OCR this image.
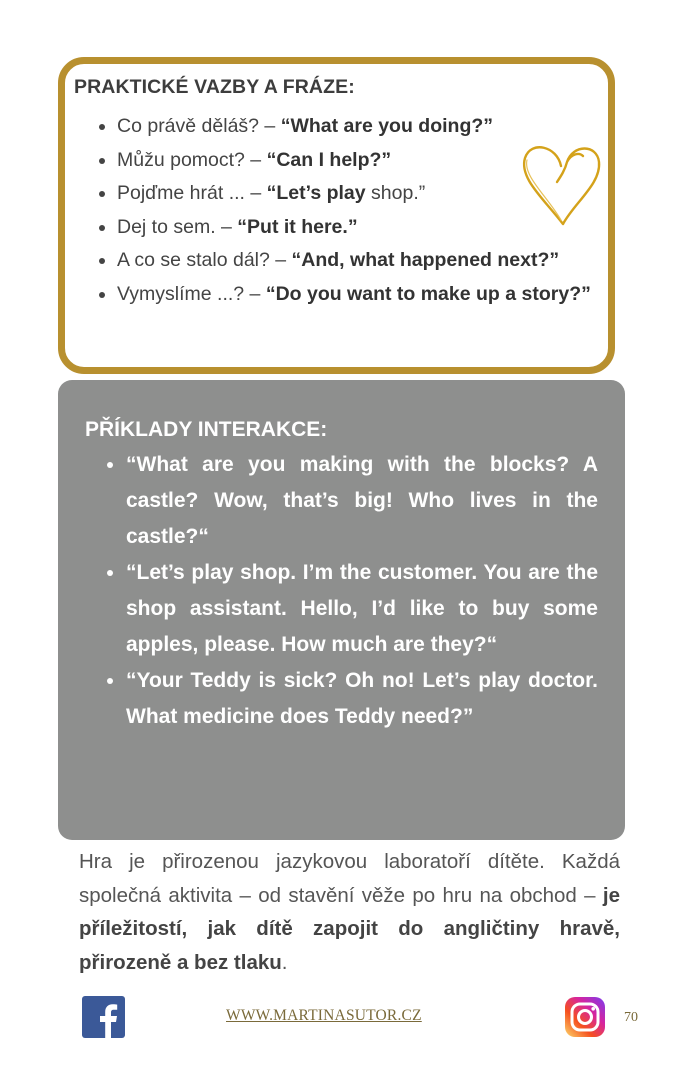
PRAKTICKÉ VAZBY A FRÁZE:
• Co právě děláš? – “What are you doing?”
• Můžu pomoct? – “Can I help?”
• Pojďme hrát ... – “Let’s play shop.”
• Dej to sem. – “Put it here.”
• A co se stalo dál? – “And, what happened next?”
• Vymyslíme ...? – “Do you want to make up a story?”
PŘÍKLADY INTERAKCE:
• “What are you making with the blocks? A castle? Wow, that’s big! Who lives in the castle?“
• “Let’s play shop. I’m the customer. You are the shop assistant. Hello, I’d like to buy some apples, please. How much are they?“
• “Your Teddy is sick? Oh no! Let’s play doctor. What medicine does Teddy need?”

Hra je přirozenou jazykovou laboratoří dítěte. Každá společná aktivita – od stavění věže po hru na obchod – je příležitostí, jak dítě zapojit do angličtiny hravě, přirozeně a bez tlaku.

WWW.MARTINASUTOR.CZ	70
